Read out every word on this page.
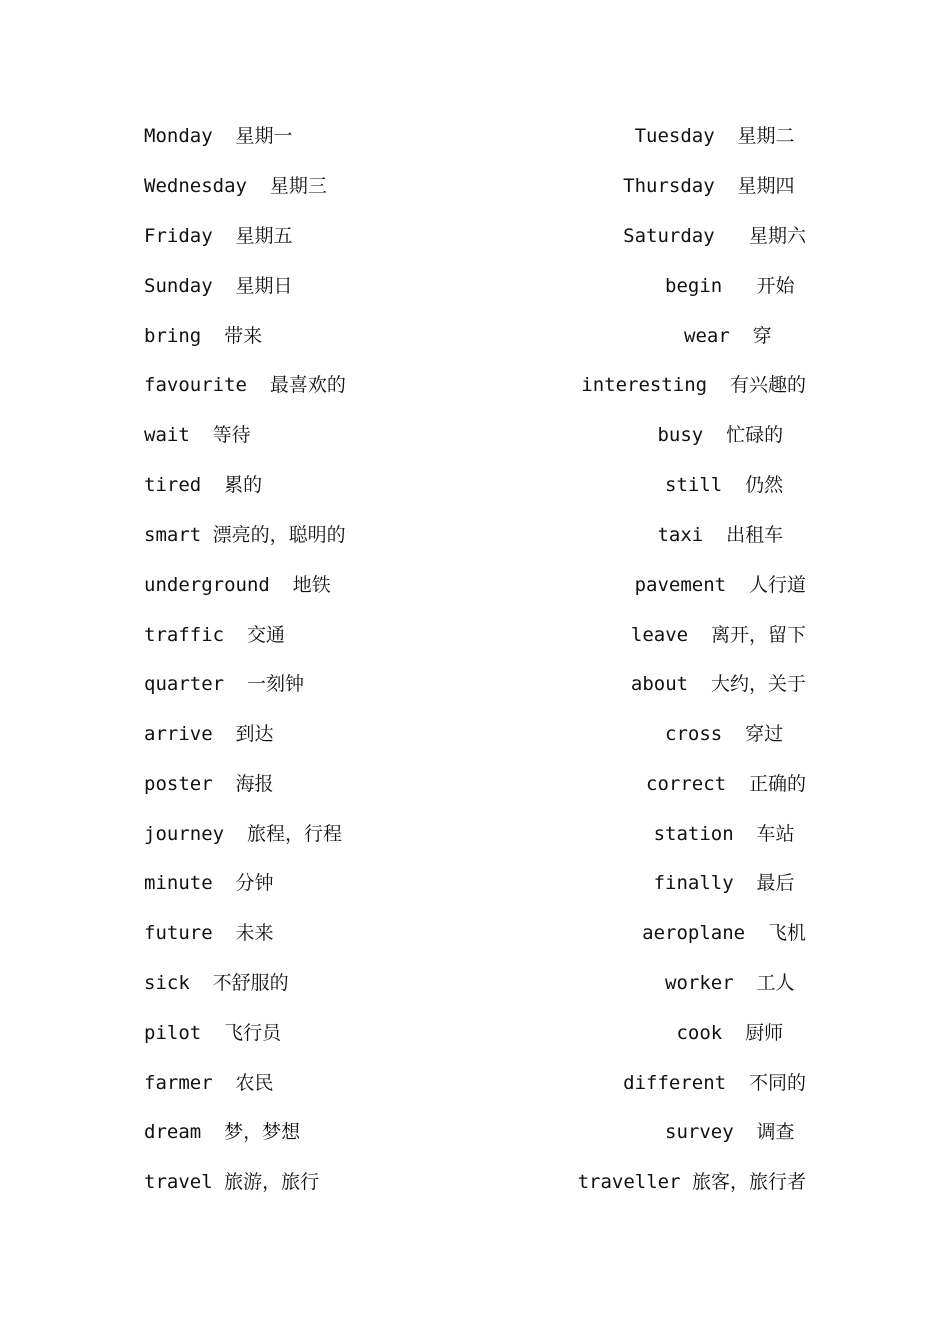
Monday  星期一	Tuesday  星期二
Wednesday  星期三	Thursday  星期四
Friday  星期五	Saturday   星期六
Sunday  星期日	begin   开始
bring  带来	wear  穿
favourite  最喜欢的	interesting  有兴趣的
wait  等待	busy  忙碌的
tired  累的	still  仍然
smart 漂亮的，聪明的	taxi  出租车
underground  地铁	pavement  人行道
traffic  交通	leave  离开，留下
quarter  一刻钟	about  大约，关于
arrive  到达	cross  穿过
poster  海报	correct  正确的
journey  旅程，行程	station  车站
minute  分钟	finally  最后
future  未来	aeroplane  飞机
sick  不舒服的	worker  工人
pilot  飞行员	cook  厨师
farmer  农民	different  不同的
dream  梦，梦想	survey  调查
travel 旅游，旅行	traveller 旅客，旅行者
